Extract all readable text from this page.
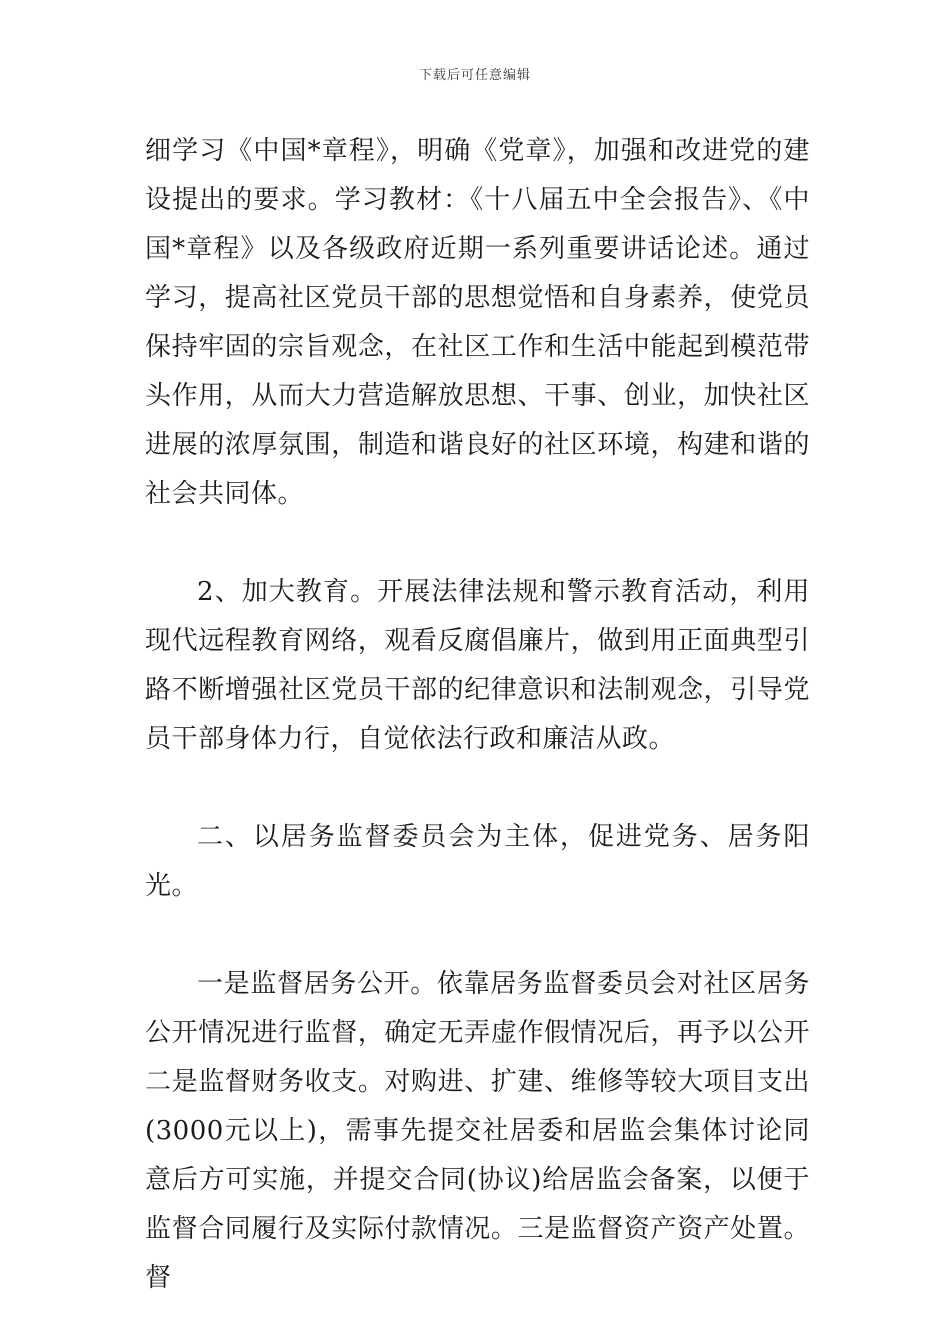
下载后可任意编辑

细学习《中国*章程》，明确《党章》，加强和改进党的建设提出的要求。学习教材：《十八届五中全会报告》、《中国*章程》以及各级政府近期一系列重要讲话论述。通过学习，提高社区党员干部的思想觉悟和自身素养，使党员保持牢固的宗旨观念，在社区工作和生活中能起到模范带头作用，从而大力营造解放思想、干事、创业，加快社区进展的浓厚氛围，制造和谐良好的社区环境，构建和谐的社会共同体。

2、加大教育。开展法律法规和警示教育活动，利用现代远程教育网络，观看反腐倡廉片，做到用正面典型引路不断增强社区党员干部的纪律意识和法制观念，引导党员干部身体力行，自觉依法行政和廉洁从政。

二、以居务监督委员会为主体，促进党务、居务阳光。

一是监督居务公开。依靠居务监督委员会对社区居务公开情况进行监督，确定无弄虚作假情况后，再予以公开二是监督财务收支。对购进、扩建、维修等较大项目支出(3000元以上)，需事先提交社居委和居监会集体讨论同意后方可实施，并提交合同(协议)给居监会备案，以便于监督合同履行及实际付款情况。三是监督资产资产处置。督
